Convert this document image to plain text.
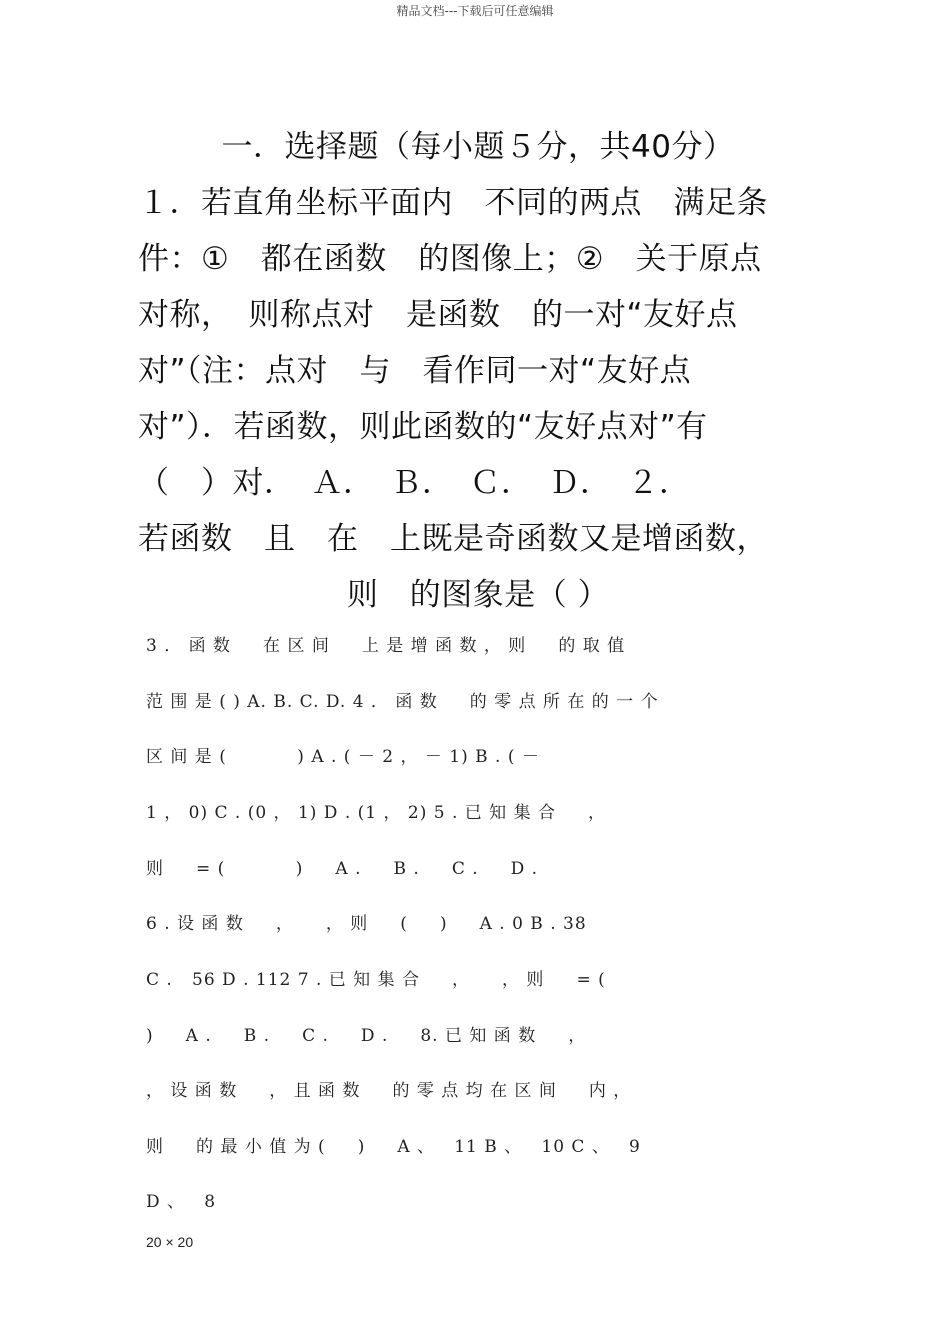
精品文档---下载后可任意编辑
一．选择题（每小题５分，共40分）
１．若直角坐标平面内　不同的两点　满足条
件：①　都在函数　的图像上；②　关于原点
对称，　则称点对　是函数　的一对“友好点
对”（注：点对　与　看作同一对“友好点
对”）．若函数，则此函数的“友好点对”有
（　）对．　Ａ．　Ｂ．　Ｃ．　Ｄ．　２．
若函数　且　在　上既是奇函数又是增函数，
则　的图象是（ ）
3 ． 函 数     在 区 间     上 是 增 函 数 ， 则     的 取 值
范 围 是 ( ) A. B. C. D. 4 ． 函 数     的 零 点 所 在 的 一 个
区 间 是 (           ) A . ( － 2 ， － 1) B . ( －
1 ， 0) C . (0 ， 1) D . (1 ， 2) 5 . 已 知 集 合     ，
则     = (           )     A .     B .     C .     D .
6 . 设 函 数     ，     ， 则     (     )     A . 0 B . 38
C .   56 D . 112 7 . 已 知 集 合     ，     ， 则     = (
)     A .     B .     C .     D .     8. 已 知 函 数     ，
， 设 函 数     ， 且 函 数     的 零 点 均 在 区 间     内 ，
则     的 最 小 值 为 (     )     A 、   11 B 、   10 C 、   9
D 、   8
20 × 20
